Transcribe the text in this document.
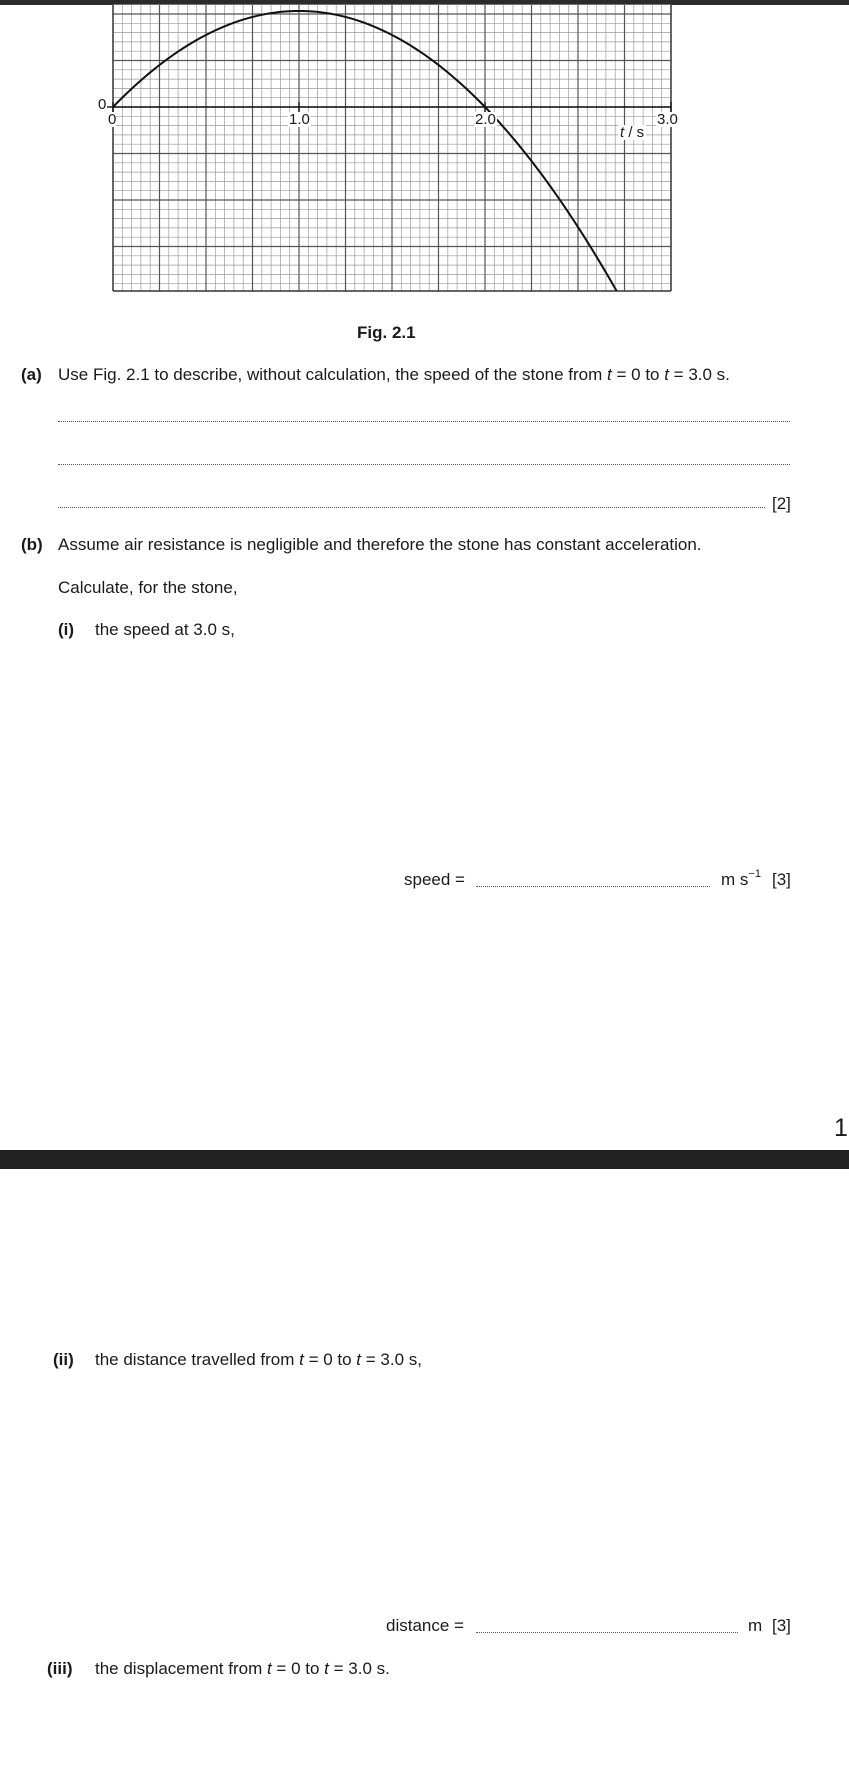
0
0	1.0	2.0	3.0
t / s
Fig. 2.1
(a) Use Fig. 2.1 to describe, without calculation, the speed of the stone from t = 0 to t = 3.0 s.
[2]
(b) Assume air resistance is negligible and therefore the stone has constant acceleration.
Calculate, for the stone,
(i) the speed at 3.0 s,
speed =	m $s^{-1}$ [3]
1
(ii) the distance travelled from t = 0 to t = 3.0 s,
distance =	m [3]
(iii) the displacement from t = 0 to t = 3.0 s.
